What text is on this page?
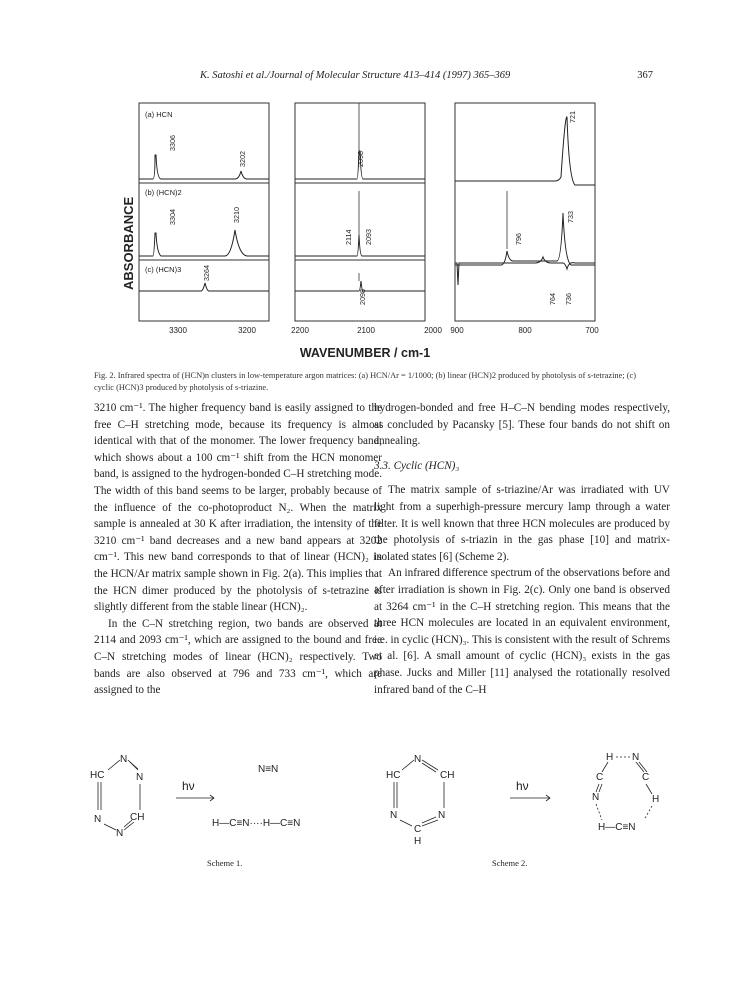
K. Satoshi et al./Journal of Molecular Structure 413–414 (1997) 365–369	367
ABSORBANCE
(a) HCN
(b) (HCN)2
(c) (HCN)3
3306
3202	2098
721
3304	3210
2114 2093	796
733
3264
2098	764 736
3300	3200	2200	2100	2000 900	800	700
WAVENUMBER / cm-1
Fig. 2. Infrared spectra of (HCN)n clusters in low-temperature argon matrices: (a) HCN/Ar = 1/1000; (b) linear (HCN)2 produced by photolysis of s-tetrazine; (c) cyclic (HCN)3 produced by photolysis of s-triazine.

3210 cm⁻¹. The higher frequency band is easily assigned to the free C–H stretching mode, because its frequency is almost identical with that of the monomer. The lower frequency band, which shows about a 100 cm⁻¹ shift from the HCN monomer band, is assigned to the hydrogen-bonded C–H stretching mode. The width of this band seems to be larger, probably because of the influence of the co-photoproduct N₂. When the matrix sample is annealed at 30 K after irradiation, the intensity of the 3210 cm⁻¹ band decreases and a new band appears at 3202 cm⁻¹. This new band corresponds to that of linear (HCN)₂ in the HCN/Ar matrix sample shown in Fig. 2(a). This implies that the HCN dimer produced by the photolysis of s-tetrazine is slightly different from the stable linear (HCN)₂.

In the C–N stretching region, two bands are observed at 2114 and 2093 cm⁻¹, which are assigned to the bound and free C–N stretching modes of linear (HCN)₂ respectively. Two bands are also observed at 796 and 733 cm⁻¹, which are assigned to the

hydrogen-bonded and free H–C–N bending modes respectively, as concluded by Pacansky [5]. These four bands do not shift on annealing.

3.3. Cyclic (HCN)₃

The matrix sample of s-triazine/Ar was irradiated with UV light from a superhigh-pressure mercury lamp through a water filter. It is well known that three HCN molecules are produced by the photolysis of s-triazin in the gas phase [10] and matrix-isolated states [6] (Scheme 2).

An infrared difference spectrum of the observations before and after irradiation is shown in Fig. 2(c). Only one band is observed at 3264 cm⁻¹ in the C–H stretching region. This means that the three HCN molecules are located in an equivalent environment, i.e. in cyclic (HCN)₃. This is consistent with the result of Schrems et al. [6]. A small amount of cyclic (HCN)₃ exists in the gas phase. Jucks and Miller [11] analysed the rotationally resolved infrared band of the C–H

N
HC	N
N	CH
N
hν
N≡N
H—C≡N····H—C≡N
Scheme 1.
N
HC	CH
N	N
C
H
hν
H N
C	C
N	H
H—C≡N
Scheme 2.
